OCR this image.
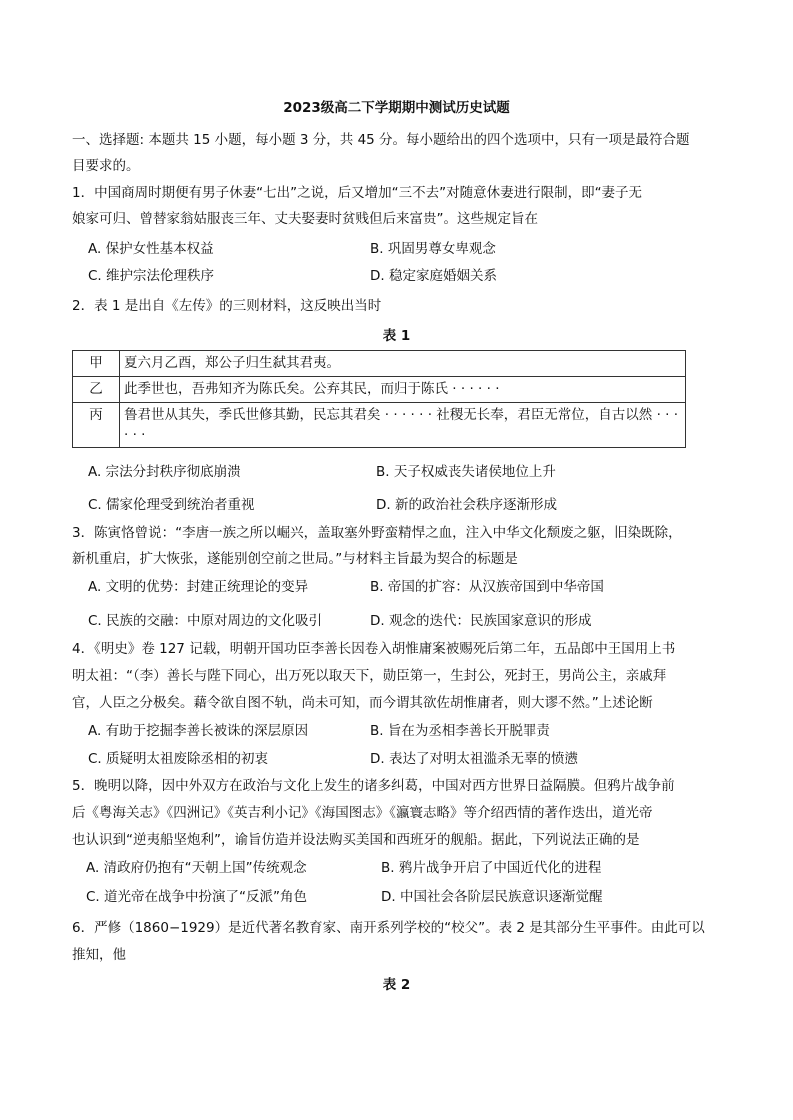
2023级高二下学期期中测试历史试题
一、选择题: 本题共 15 小题，每小题 3 分，共 45 分。每小题给出的四个选项中，只有一项是最符合题
目要求的。
1．中国商周时期便有男子休妻“七出”之说，后又增加“三不去”对随意休妻进行限制，即“妻子无
娘家可归、曾替家翁姑服丧三年、丈夫娶妻时贫贱但后来富贵”。这些规定旨在
A. 保护女性基本权益	B. 巩固男尊女卑观念
C. 维护宗法伦理秩序	D. 稳定家庭婚姻关系
2．表 1 是出自《左传》的三则材料，这反映出当时
表 1
甲	夏六月乙酉，郑公子归生弑其君夷。
乙	此季世也，吾弗知齐为陈氏矣。公弃其民，而归于陈氏 · · · · · ·
丙	鲁君世从其失，季氏世修其勤，民忘其君矣 · · · · · · 社稷无长奉，君臣无常位，自古以然 · · · · · ·
A. 宗法分封秩序彻底崩溃	B. 天子权威丧失诸侯地位上升
C. 儒家伦理受到统治者重视	D. 新的政治社会秩序逐渐形成
3．陈寅恪曾说：“李唐一族之所以崛兴，盖取塞外野蛮精悍之血，注入中华文化颓废之躯，旧染既除，
新机重启，扩大恢张，遂能别创空前之世局。”与材料主旨最为契合的标题是
A. 文明的优势：封建正统理论的变异	B. 帝国的扩容：从汉族帝国到中华帝国
C. 民族的交融：中原对周边的文化吸引	D. 观念的迭代：民族国家意识的形成
4．《明史》卷 127 记载，明朝开国功臣李善长因卷入胡惟庸案被赐死后第二年，五品郎中王国用上书
明太祖：“（李）善长与陛下同心，出万死以取天下，勋臣第一，生封公，死封王，男尚公主，亲戚拜
官，人臣之分极矣。藉令欲自图不轨，尚未可知，而今谓其欲佐胡惟庸者，则大谬不然。”上述论断
A. 有助于挖掘李善长被诛的深层原因	B. 旨在为丞相李善长开脱罪责
C. 质疑明太祖废除丞相的初衷	D. 表达了对明太祖滥杀无辜的愤懑
5．晚明以降，因中外双方在政治与文化上发生的诸多纠葛，中国对西方世界日益隔膜。但鸦片战争前
后《粤海关志》《四洲记》《英吉利小记》《海国图志》《瀛寰志略》等介绍西情的著作迭出，道光帝
也认识到“逆夷船坚炮利”，谕旨仿造并设法购买美国和西班牙的舰船。据此，下列说法正确的是
A. 清政府仍抱有“天朝上国”传统观念	B. 鸦片战争开启了中国近代化的进程
C. 道光帝在战争中扮演了“反派”角色	D. 中国社会各阶层民族意识逐渐觉醒
6．严修（1860−1929）是近代著名教育家、南开系列学校的“校父”。表 2 是其部分生平事件。由此可以
推知，他
表 2
